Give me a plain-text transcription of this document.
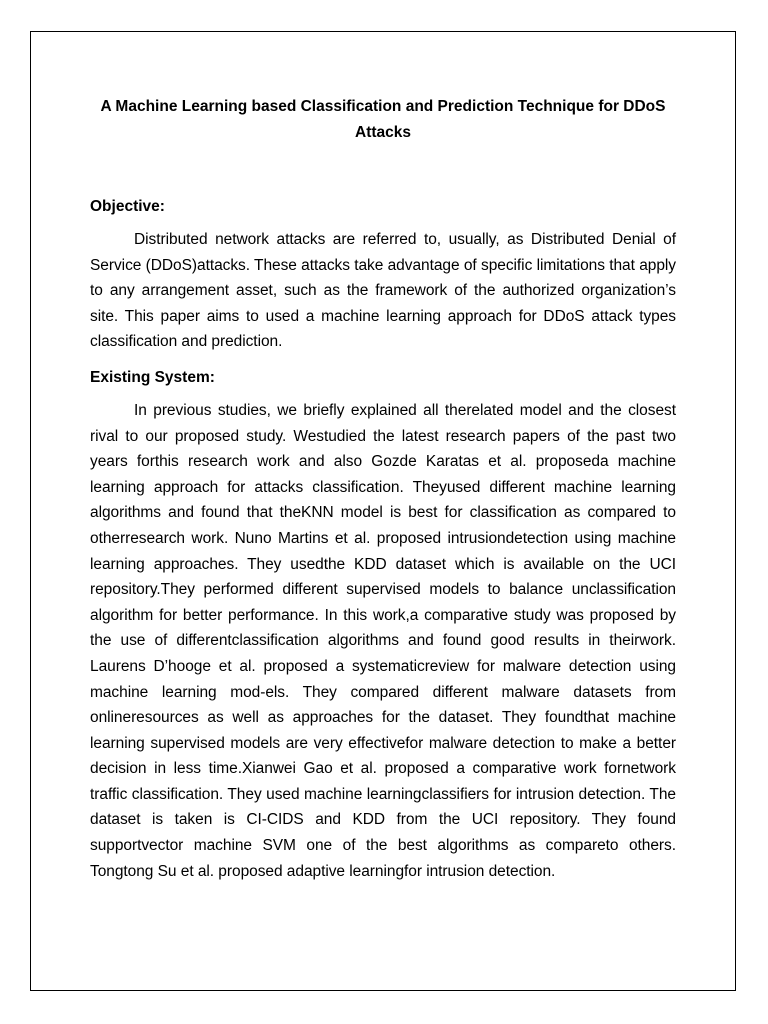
A Machine Learning based Classification and Prediction Technique for DDoS Attacks
Objective:

Distributed network attacks are referred to, usually, as Distributed Denial of Service (DDoS)attacks. These attacks take advantage of specific limitations that apply to any arrangement asset, such as the framework of the authorized organization’s site. This paper aims to used a machine learning approach for DDoS attack types classification and prediction.

Existing System:

In previous studies, we briefly explained all therelated model and the closest rival to our proposed study. Westudied the latest research papers of the past two years forthis research work and also Gozde Karatas et al. proposeda machine learning approach for attacks classification. Theyused different machine learning algorithms and found that theKNN model is best for classification as compared to otherresearch work. Nuno Martins et al. proposed intrusiondetection using machine learning approaches. They usedthe KDD dataset which is available on the UCI repository.They performed different supervised models to balance unclassification algorithm for better performance. In this work,a comparative study was proposed by the use of differentclassification algorithms and found good results in theirwork. Laurens D’hooge et al. proposed a systematicreview for malware detection using machine learning mod-els. They compared different malware datasets from onlineresources as well as approaches for the dataset. They foundthat machine learning supervised models are very effectivefor malware detection to make a better decision in less time.Xianwei Gao et al. proposed a comparative work fornetwork traffic classification. They used machine learningclassifiers for intrusion detection. The dataset is taken is CI-CIDS and KDD from the UCI repository. They found supportvector machine SVM one of the best algorithms as compareto others. Tongtong Su et al. proposed adaptive learningfor intrusion detection.
